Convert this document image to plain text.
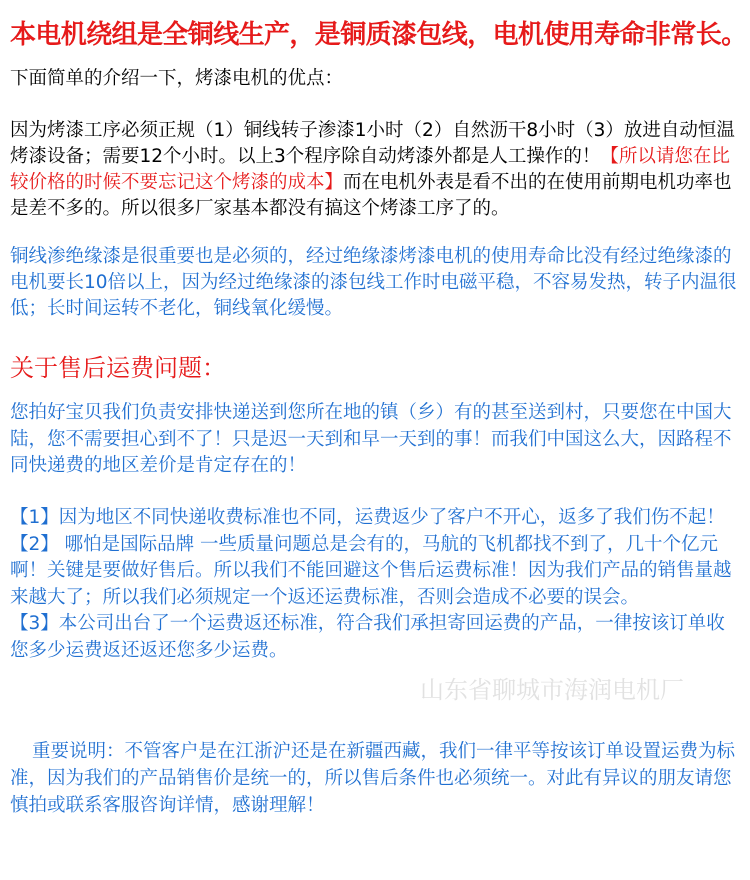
本电机绕组是全铜线生产，是铜质漆包线，电机使用寿命非常长。
下面简单的介绍一下，烤漆电机的优点：
因为烤漆工序必须正规（1）铜线转子渗漆1小时（2）自然沥干8小时（3）放进自动恒温烤漆设备；需要12个小时。以上3个程序除自动烤漆外都是人工操作的！【所以请您在比较价格的时候不要忘记这个烤漆的成本】而在电机外表是看不出的在使用前期电机功率也是差不多的。所以很多厂家基本都没有搞这个烤漆工序了的。
铜线渗绝缘漆是很重要也是必须的，经过绝缘漆烤漆电机的使用寿命比没有经过绝缘漆的电机要长10倍以上，因为经过绝缘漆的漆包线工作时电磁平稳，不容易发热，转子内温很低；长时间运转不老化，铜线氧化缓慢。
关于售后运费问题：
您拍好宝贝我们负责安排快递送到您所在地的镇（乡）有的甚至送到村，只要您在中国大陆，您不需要担心到不了！只是迟一天到和早一天到的事！而我们中国这么大，因路程不同快递费的地区差价是肯定存在的！
【1】因为地区不同快递收费标准也不同，运费返少了客户不开心，返多了我们伤不起！
【2】 哪怕是国际品牌 一些质量问题总是会有的，马航的飞机都找不到了，几十个亿元啊！关键是要做好售后。所以我们不能回避这个售后运费标准！因为我们产品的销售量越来越大了；所以我们必须规定一个返还运费标准，否则会造成不必要的误会。
【3】本公司出台了一个运费返还标准，符合我们承担寄回运费的产品，一律按该订单收您多少运费返还返还您多少运费。
山东省聊城市海润电机厂
重要说明：不管客户是在江浙沪还是在新疆西藏，我们一律平等按该订单设置运费为标准，因为我们的产品销售价是统一的，所以售后条件也必须统一。对此有异议的朋友请您慎拍或联系客服咨询详情，感谢理解！
